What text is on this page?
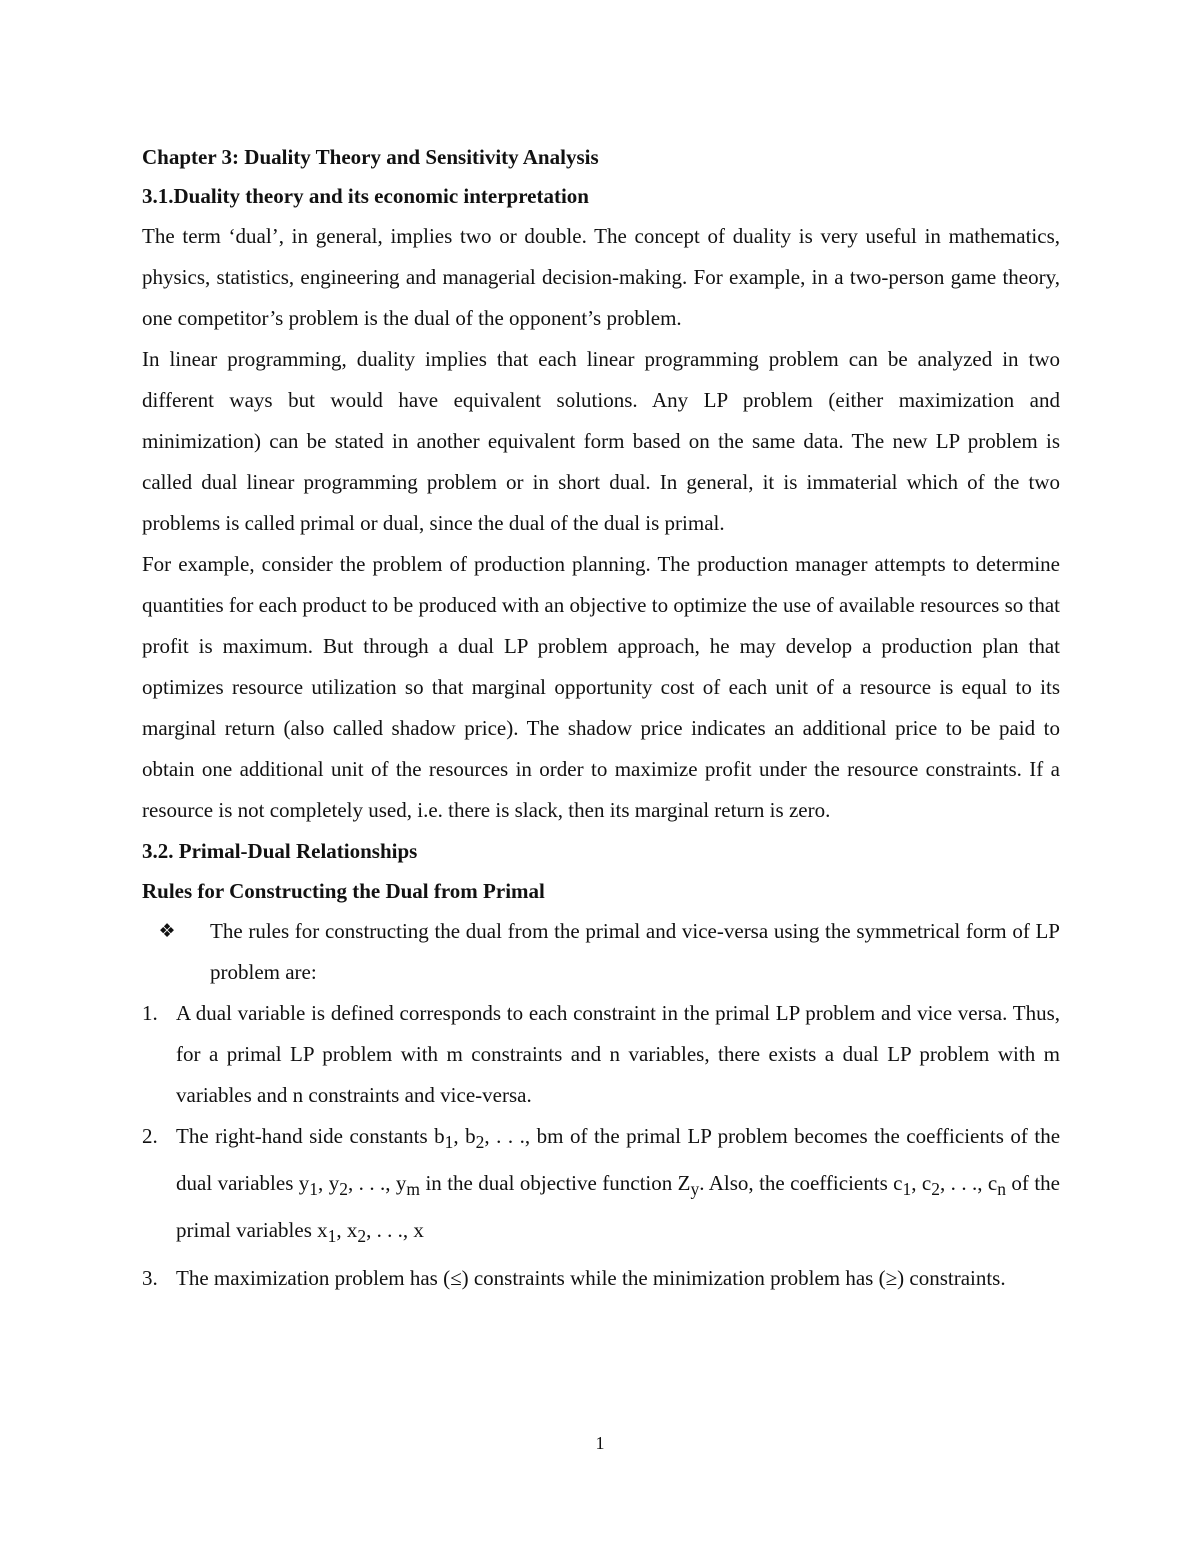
Chapter 3: Duality Theory and Sensitivity Analysis
3.1.Duality theory and its economic interpretation

The term ‘dual’, in general, implies two or double. The concept of duality is very useful in mathematics, physics, statistics, engineering and managerial decision-making. For example, in a two-person game theory, one competitor’s problem is the dual of the opponent’s problem.

In linear programming, duality implies that each linear programming problem can be analyzed in two different ways but would have equivalent solutions. Any LP problem (either maximization and minimization) can be stated in another equivalent form based on the same data. The new LP problem is called dual linear programming problem or in short dual. In general, it is immaterial which of the two problems is called primal or dual, since the dual of the dual is primal.

For example, consider the problem of production planning. The production manager attempts to determine quantities for each product to be produced with an objective to optimize the use of available resources so that profit is maximum. But through a dual LP problem approach, he may develop a production plan that optimizes resource utilization so that marginal opportunity cost of each unit of a resource is equal to its marginal return (also called shadow price). The shadow price indicates an additional price to be paid to obtain one additional unit of the resources in order to maximize profit under the resource constraints. If a resource is not completely used, i.e. there is slack, then its marginal return is zero.

3.2. Primal-Dual Relationships
Rules for Constructing the Dual from Primal
❖	The rules for constructing the dual from the primal and vice-versa using the symmetrical form of LP problem are:
1. A dual variable is defined corresponds to each constraint in the primal LP problem and vice versa. Thus, for a primal LP problem with m constraints and n variables, there exists a dual LP problem with m variables and n constraints and vice-versa.
2. The right-hand side constants $b_1$, $b_2$, . . ., bm of the primal LP problem becomes the coefficients of the dual variables $y_1$, $y_2$, . . ., $y_m$ in the dual objective function $Z_y$. Also, the coefficients $c_1$, $c_2$, . . ., $c_n$ of the primal variables $x_1$, $x_2$, . . ., x
3. The maximization problem has (≤) constraints while the minimization problem has (≥) constraints.
1
